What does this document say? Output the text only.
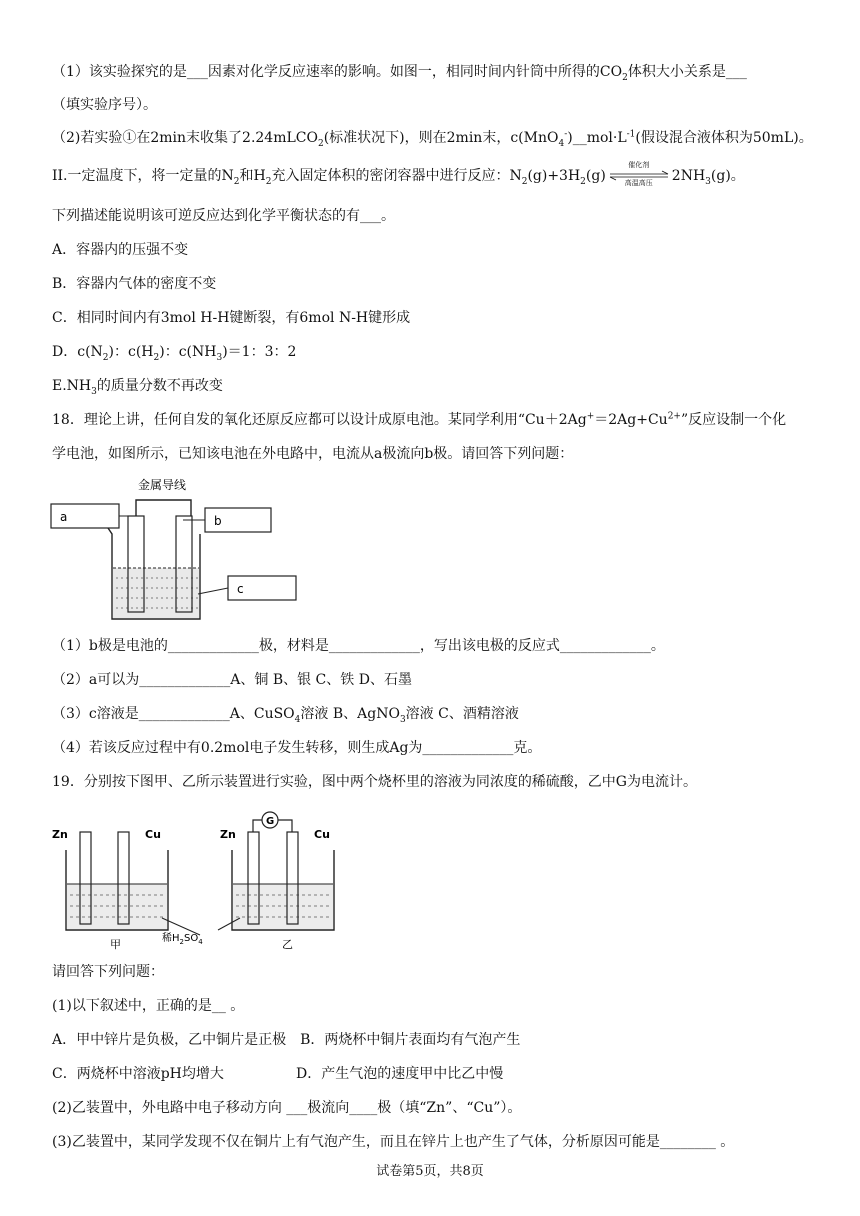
（1）该实验探究的是___因素对化学反应速率的影响。如图一，相同时间内针筒中所得的$CO_2$体积大小关系是___
（填实验序号）。
（2)若实验①在2min末收集了2.24mLCO$_2$(标准状况下)，则在2min末，$c(MnO_4^-)\_\_mol\cdot L^{-1}$(假设混合液体积为50mL)。
II.一定温度下，将一定量的$N_2$和$H_2$充入固定体积的密闭容器中进行反应：$N_2(g)+3H_2(g)$
催化剂
高温高压	$2NH_3(g)$。
下列描述能说明该可逆反应达到化学平衡状态的有___。
A．容器内的压强不变
B．容器内气体的密度不变
C．相同时间内有3mol H-H键断裂，有6mol N-H键形成
D．$c(N_2)$：$c(H_2)$：$c(NH_3)=1$：3：2
$E.NH_3$的质量分数不再改变
18．理论上讲，任何自发的氧化还原反应都可以设计成原电池。某同学利用“$Cu+2Ag^+=2Ag+Cu^{2+}$”反应设制一个化
学电池，如图所示，已知该电池在外电路中，电流从a极流向b极。请回答下列问题：
金属导线
a	b
c
（1）b极是电池的_____________极，材料是_____________，写出该电极的反应式_____________。
（2）a可以为_____________A、铜 B、银 C、铁 D、石墨
（3）c溶液是_____________A、CuSO$_4$溶液 B、AgNO$_3$溶液 C、酒精溶液
（4）若该反应过程中有0.2mol电子发生转移，则生成Ag为_____________克。
19．分别按下图甲、乙所示装置进行实验，图中两个烧杯里的溶液为同浓度的稀硫酸，乙中G为电流计。
Zn	Cu
甲
Zn	Cu
G
乙
稀$H_2SO_4$
请回答下列问题：
(1)以下叙述中，正确的是__ 。
A．甲中锌片是负极，乙中铜片是正极　B．两烧杯中铜片表面均有气泡产生
C．两烧杯中溶液pH均增大	D．产生气泡的速度甲中比乙中慢
(2)乙装置中，外电路中电子移动方向 ___极流向____极（填“Zn”、“Cu”）。
(3)乙装置中，某同学发现不仅在铜片上有气泡产生，而且在锌片上也产生了气体，分析原因可能是________ 。
试卷第5页，共8页
